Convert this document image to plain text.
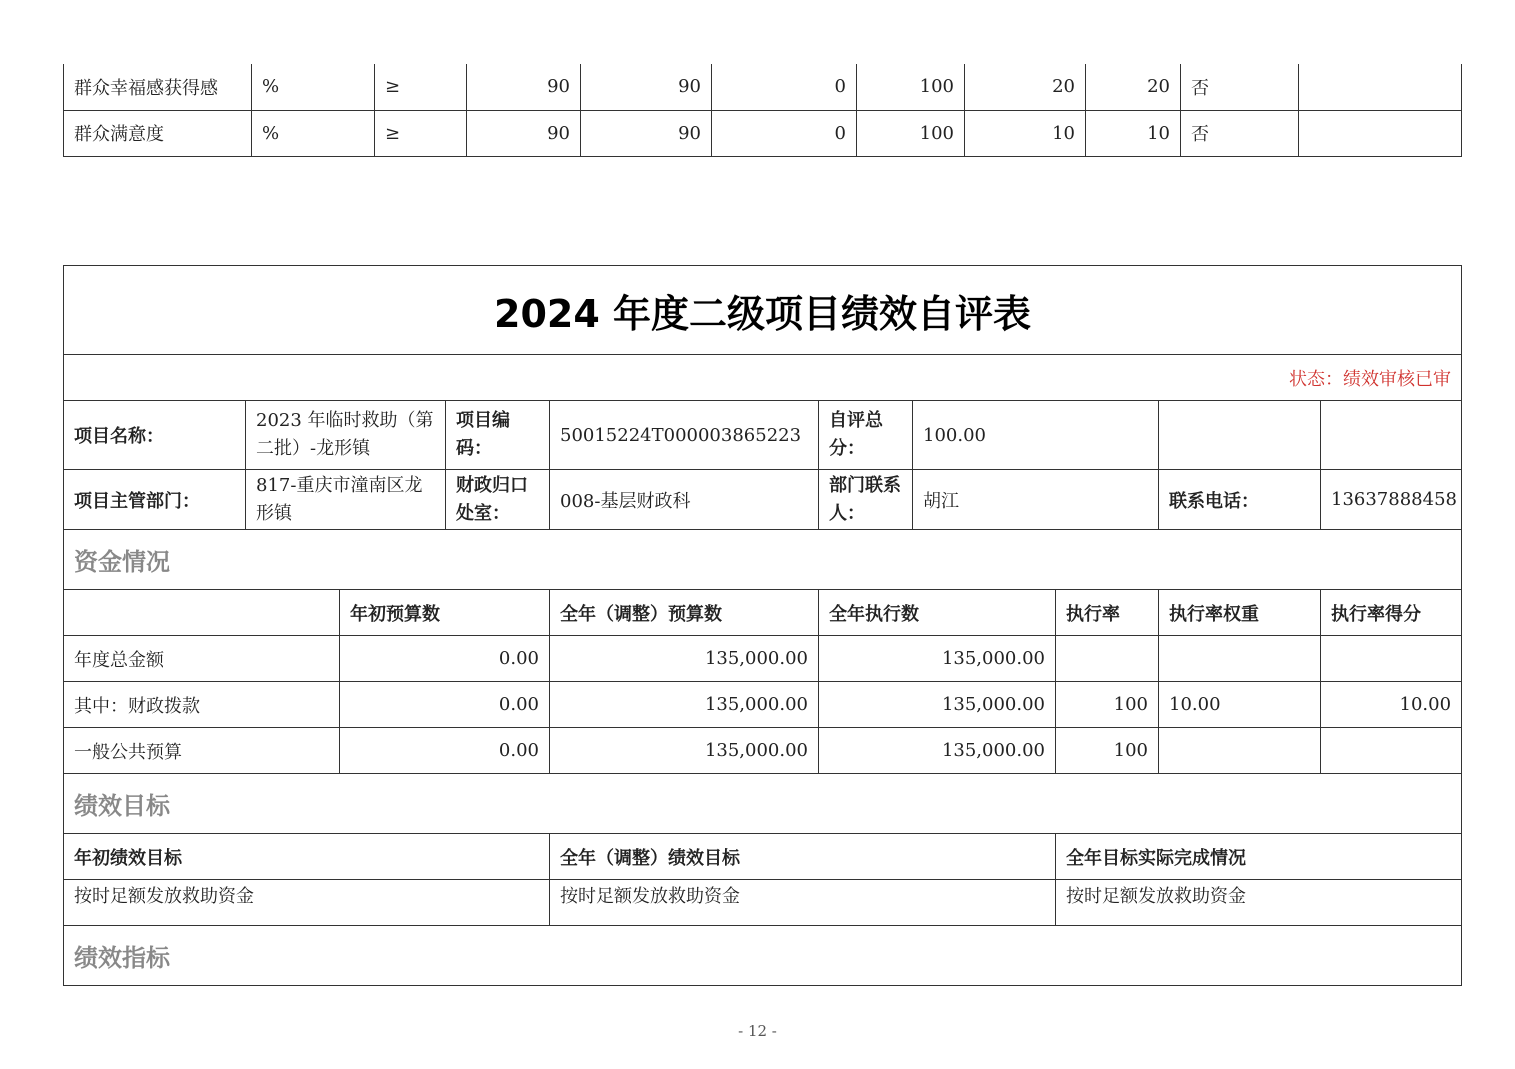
群众幸福感获得感	%	≥	90	90	0	100	20	20	否	
群众满意度	%	≥	90	90	0	100	10	10	否	
2024 年度二级项目绩效自评表									
状态：绩效审核已审									
项目名称：	2023 年临时救助（第二批）-龙形镇		项目编码：	50015224T000003865223	自评总分：	100.00			
项目主管部门：	817-重庆市潼南区龙形镇		财政归口处室：	008-基层财政科	部门联系人：	胡江		联系电话：	13637888458
资金情况									
		年初预算数		全年（调整）预算数	全年执行数		执行率	执行率权重	执行率得分
年度总金额		0.00		135,000.00	135,000.00				
其中：财政拨款		0.00		135,000.00	135,000.00		100	10.00	10.00
一般公共预算		0.00		135,000.00	135,000.00		100		
绩效目标									
年初绩效目标				全年（调整）绩效目标			全年目标实际完成情况		
按时足额发放救助资金				按时足额发放救助资金			按时足额发放救助资金		
绩效指标									
- 12 -
